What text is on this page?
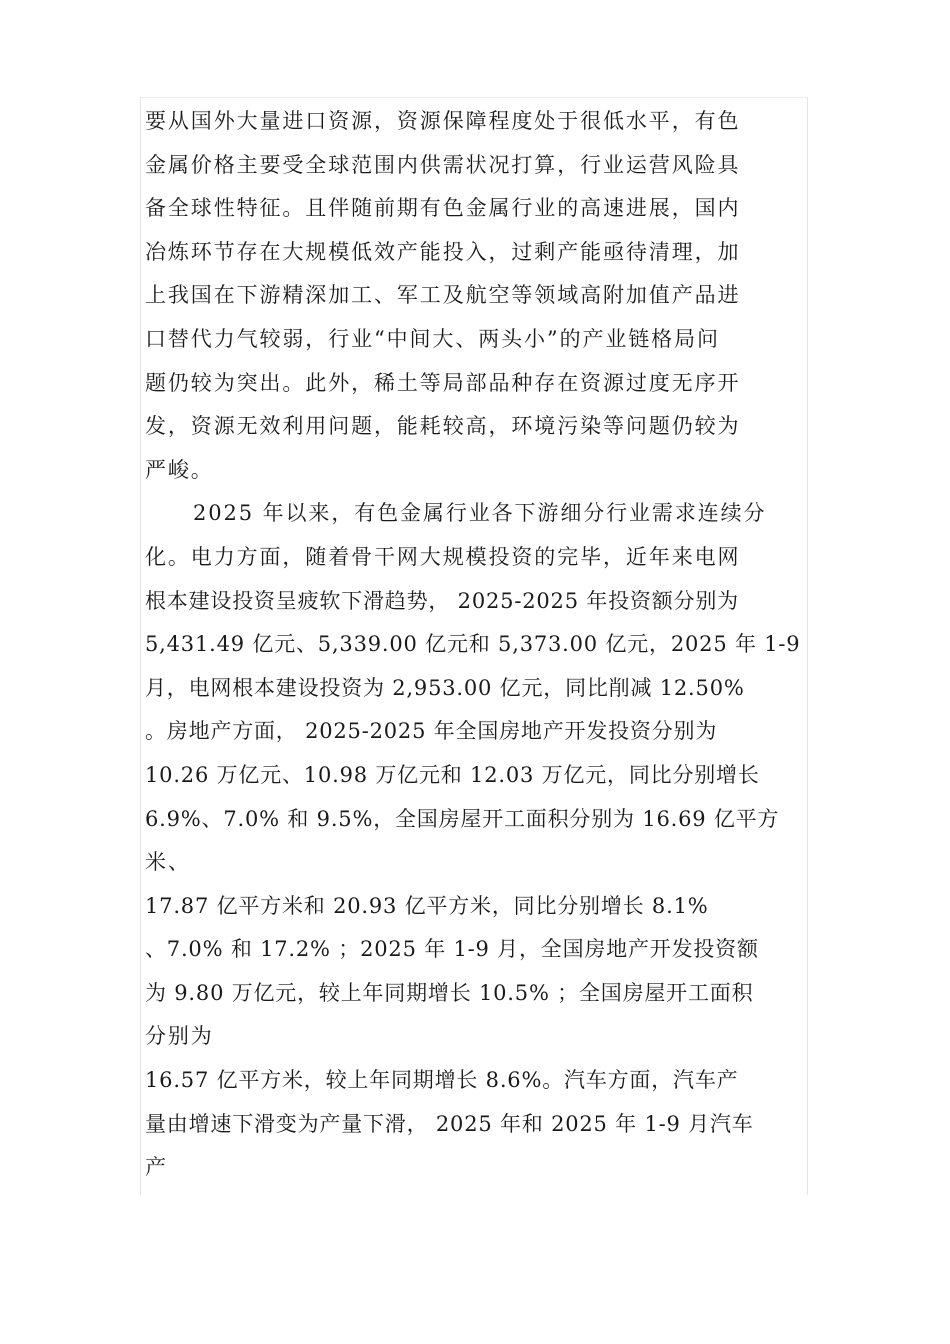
要从国外大量进口资源，资源保障程度处于很低水平，有色
金属价格主要受全球范围内供需状况打算，行业运营风险具
备全球性特征。且伴随前期有色金属行业的高速进展，国内
冶炼环节存在大规模低效产能投入，过剩产能亟待清理，加
上我国在下游精深加工、军工及航空等领域高附加值产品进
口替代力气较弱，行业“中间大、两头小”的产业链格局问
题仍较为突出。此外，稀土等局部品种存在资源过度无序开
发，资源无效利用问题，能耗较高，环境污染等问题仍较为
严峻。
2025 年以来，有色金属行业各下游细分行业需求连续分
化。电力方面，随着骨干网大规模投资的完毕，近年来电网
根本建设投资呈疲软下滑趋势， 2025-2025 年投资额分别为
5,431.49 亿元、5,339.00 亿元和 5,373.00 亿元，2025 年 1-9
月，电网根本建设投资为 2,953.00 亿元，同比削减 12.50%
。房地产方面， 2025-2025 年全国房地产开发投资分别为
10.26 万亿元、10.98 万亿元和 12.03 万亿元，同比分别增长
6.9%、7.0% 和 9.5%，全国房屋开工面积分别为 16.69 亿平方
米、
17.87 亿平方米和 20.93 亿平方米，同比分别增长 8.1%
、7.0% 和 17.2% ；2025 年 1-9 月，全国房地产开发投资额
为 9.80 万亿元，较上年同期增长 10.5% ；全国房屋开工面积
分别为
16.57 亿平方米，较上年同期增长 8.6%。汽车方面，汽车产
量由增速下滑变为产量下滑， 2025 年和 2025 年 1-9 月汽车
产
